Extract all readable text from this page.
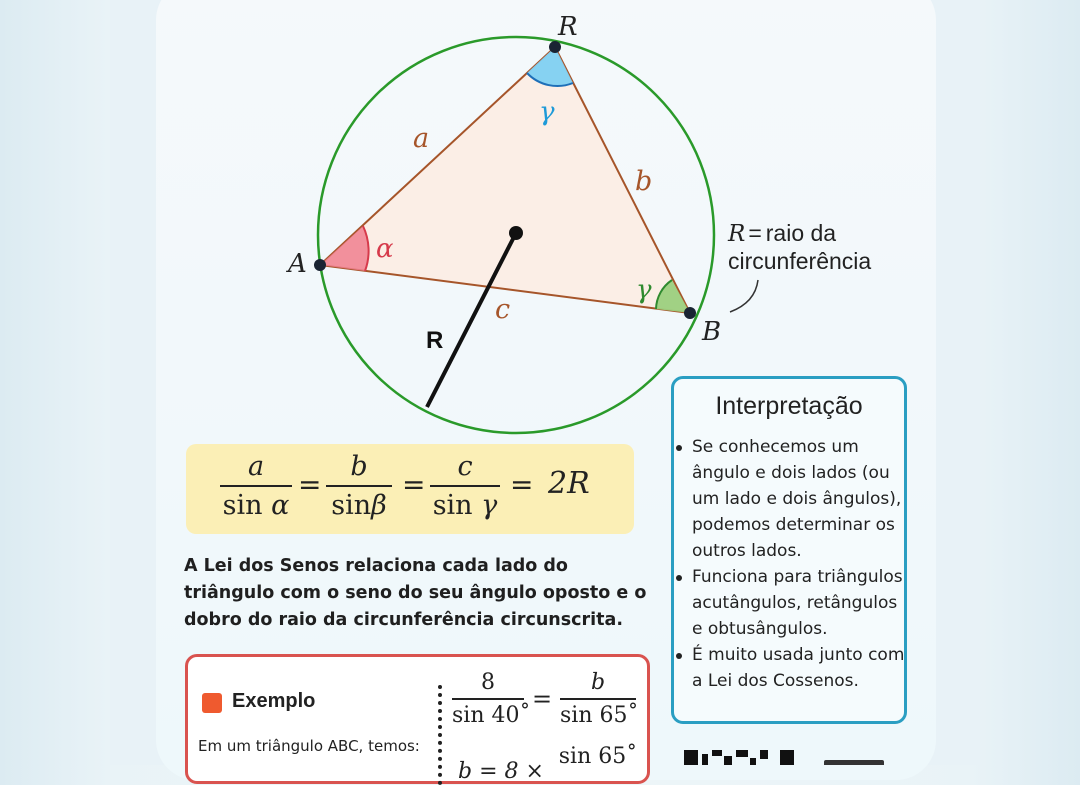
R
A
B
a
b
c
α
γ
γ
R
R = raio da
circunferência
a
sin α
=
b
sinβ
=
c
sin γ
= 2R
A Lei dos Senos relaciona cada lado do triângulo com o seno do seu ângulo oposto e o dobro do raio da circunferência circunscrita.
Interpretação
Se conhecemos um ângulo e dois lados (ou um lado e dois ângulos), podemos determinar os outros lados.
Funciona para triângulos acutângulos, retângulos e obtusângulos.
É muito usada junto com a Lei dos Cossenos.
Exemplo
Em um triângulo ABC, temos:
8
sin 40˚
=
b
sin 65˚
b = 8 ×
sin 65˚
